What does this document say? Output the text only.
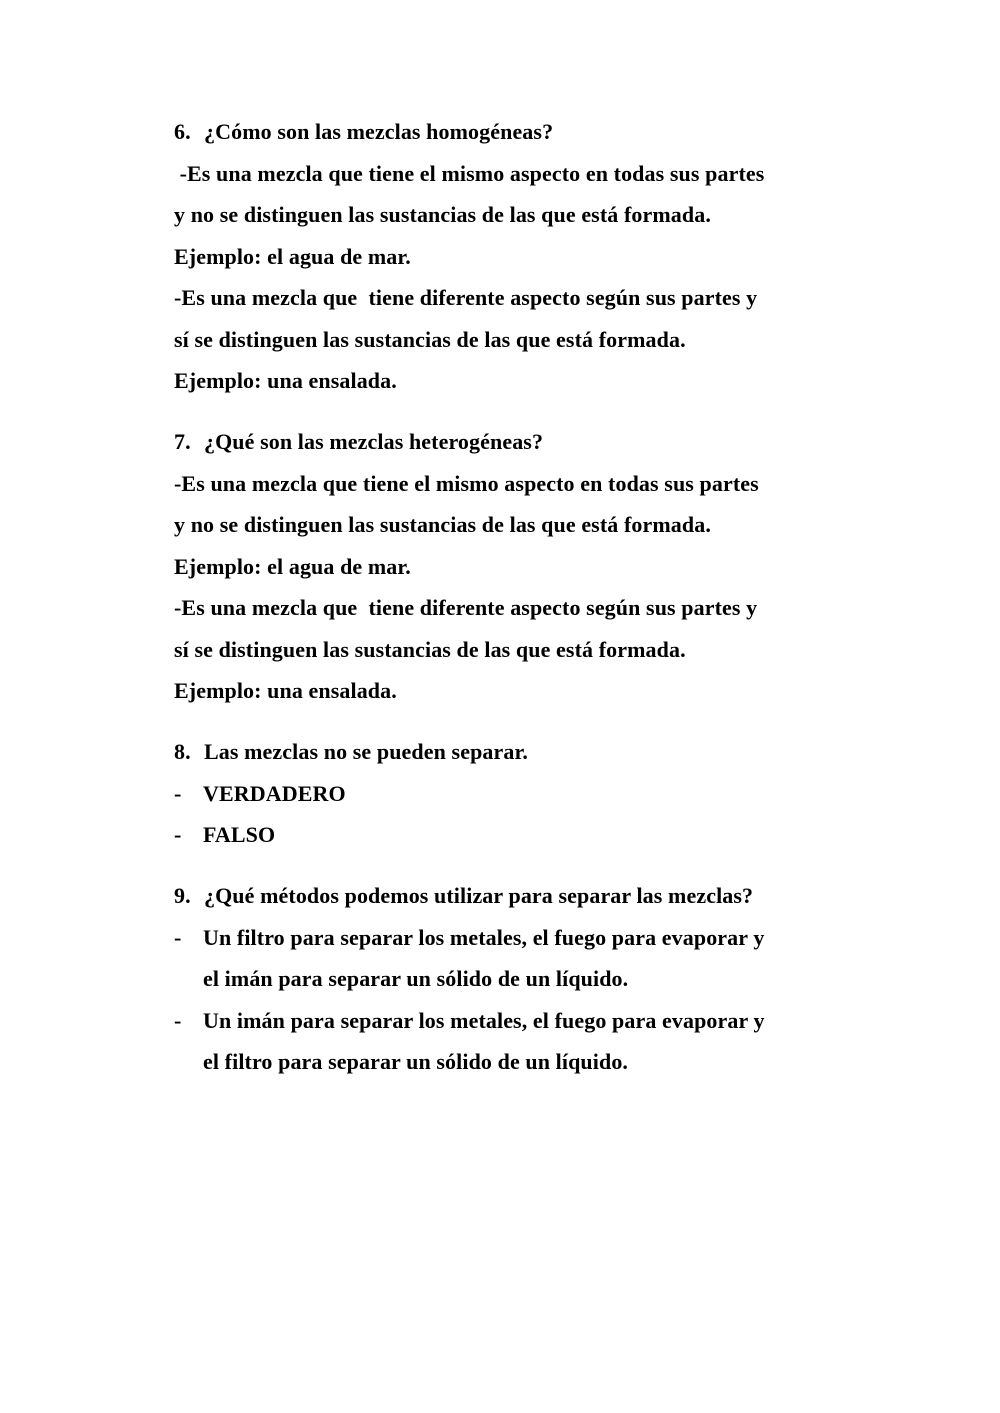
6. ¿Cómo son las mezclas homogéneas?
-Es una mezcla que tiene el mismo aspecto en todas sus partes
y no se distinguen las sustancias de las que está formada.
Ejemplo: el agua de mar.
-Es una mezcla que  tiene diferente aspecto según sus partes y
sí se distinguen las sustancias de las que está formada.
Ejemplo: una ensalada.
7. ¿Qué son las mezclas heterogéneas?
-Es una mezcla que tiene el mismo aspecto en todas sus partes
y no se distinguen las sustancias de las que está formada.
Ejemplo: el agua de mar.
-Es una mezcla que  tiene diferente aspecto según sus partes y
sí se distinguen las sustancias de las que está formada.
Ejemplo: una ensalada.
8. Las mezclas no se pueden separar.
- VERDADERO
- FALSO
9. ¿Qué métodos podemos utilizar para separar las mezclas?
- Un filtro para separar los metales, el fuego para evaporar y
el imán para separar un sólido de un líquido.
- Un imán para separar los metales, el fuego para evaporar y
el filtro para separar un sólido de un líquido.
